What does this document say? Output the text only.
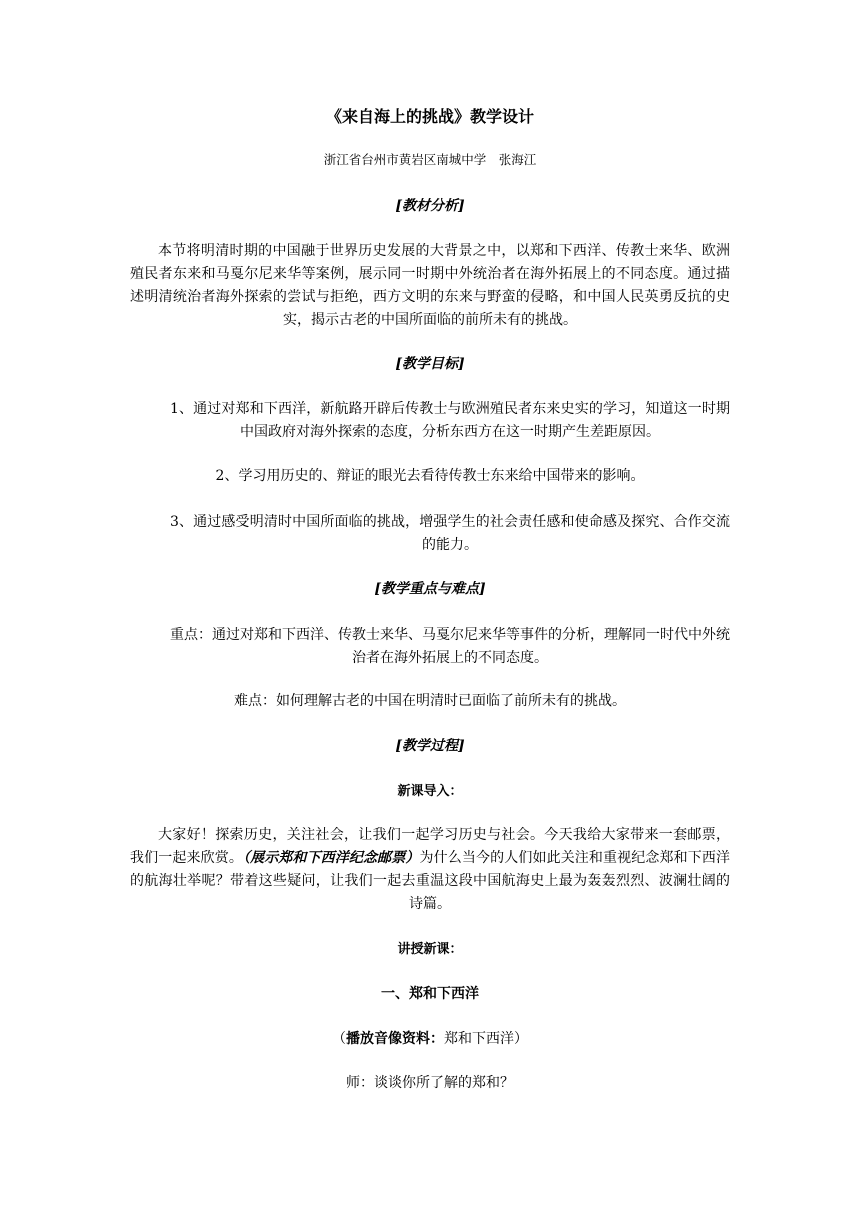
《来自海上的挑战》教学设计

浙江省台州市黄岩区南城中学　张海江

[教材分析]

本节将明清时期的中国融于世界历史发展的大背景之中，以郑和下西洋、传教士来华、欧洲殖民者东来和马戛尔尼来华等案例，展示同一时期中外统治者在海外拓展上的不同态度。通过描述明清统治者海外探索的尝试与拒绝，西方文明的东来与野蛮的侵略，和中国人民英勇反抗的史实，揭示古老的中国所面临的前所未有的挑战。

[教学目标]

1、通过对郑和下西洋，新航路开辟后传教士与欧洲殖民者东来史实的学习，知道这一时期中国政府对海外探索的态度，分析东西方在这一时期产生差距原因。

2、学习用历史的、辩证的眼光去看待传教士东来给中国带来的影响。

3、通过感受明清时中国所面临的挑战，增强学生的社会责任感和使命感及探究、合作交流的能力。

[教学重点与难点]

重点：通过对郑和下西洋、传教士来华、马戛尔尼来华等事件的分析，理解同一时代中外统治者在海外拓展上的不同态度。

难点：如何理解古老的中国在明清时已面临了前所未有的挑战。

[教学过程]

新课导入：

大家好！探索历史，关注社会，让我们一起学习历史与社会。今天我给大家带来一套邮票，我们一起来欣赏。（展示郑和下西洋纪念邮票）为什么当今的人们如此关注和重视纪念郑和下西洋的航海壮举呢？带着这些疑问，让我们一起去重温这段中国航海史上最为轰轰烈烈、波澜壮阔的诗篇。

讲授新课：

一、郑和下西洋

（播放音像资料：郑和下西洋）

师：谈谈你所了解的郑和？
